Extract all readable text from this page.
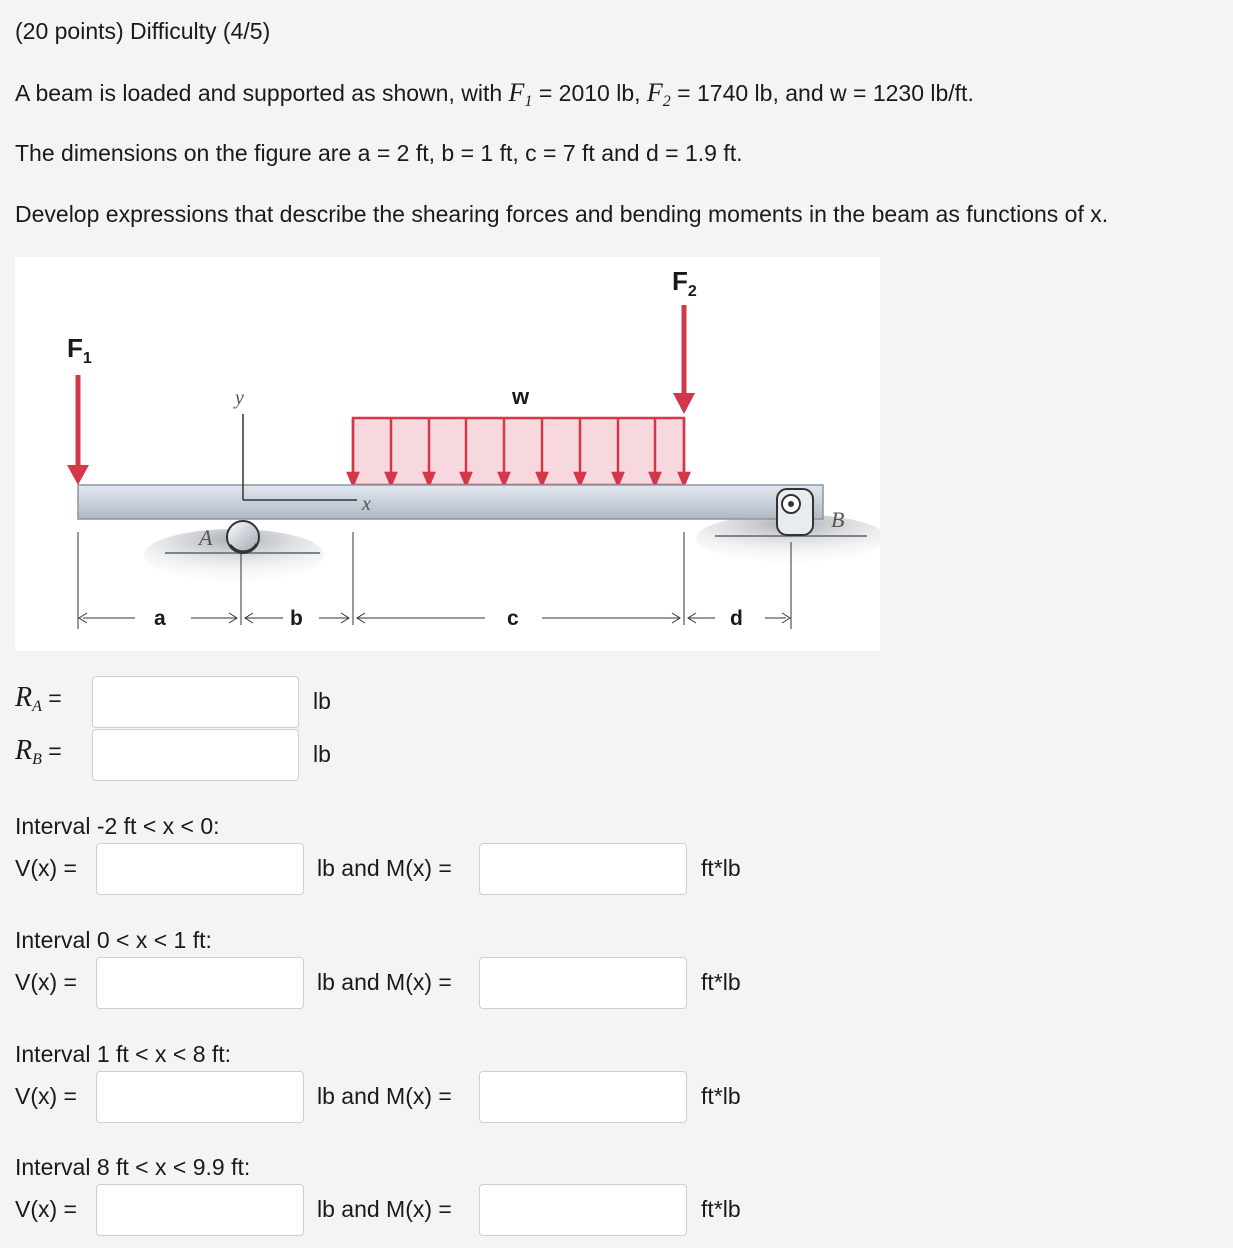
(20 points) Difficulty (4/5)
A beam is loaded and supported as shown, with $F_1 = 2010$ lb, $F_2 = 1740$ lb, and w = 1230 lb/ft.
The dimensions on the figure are a = 2 ft, b = 1 ft, c = 7 ft and d = 1.9 ft.
Develop expressions that describe the shearing forces and bending moments in the beam as functions of x.
$F_1$
$F_2$
w
y
x
A
B
a	b	c	d
$R_A$ =	lb
$R_B$ =	lb
Interval -2 ft < x < 0:
V(x) =	lb and M(x) =	ft*lb
Interval 0 < x < 1 ft:
V(x) =	lb and M(x) =	ft*lb
Interval 1 ft < x < 8 ft:
V(x) =	lb and M(x) =	ft*lb
Interval 8 ft < x < 9.9 ft:
V(x) =	lb and M(x) =	ft*lb
